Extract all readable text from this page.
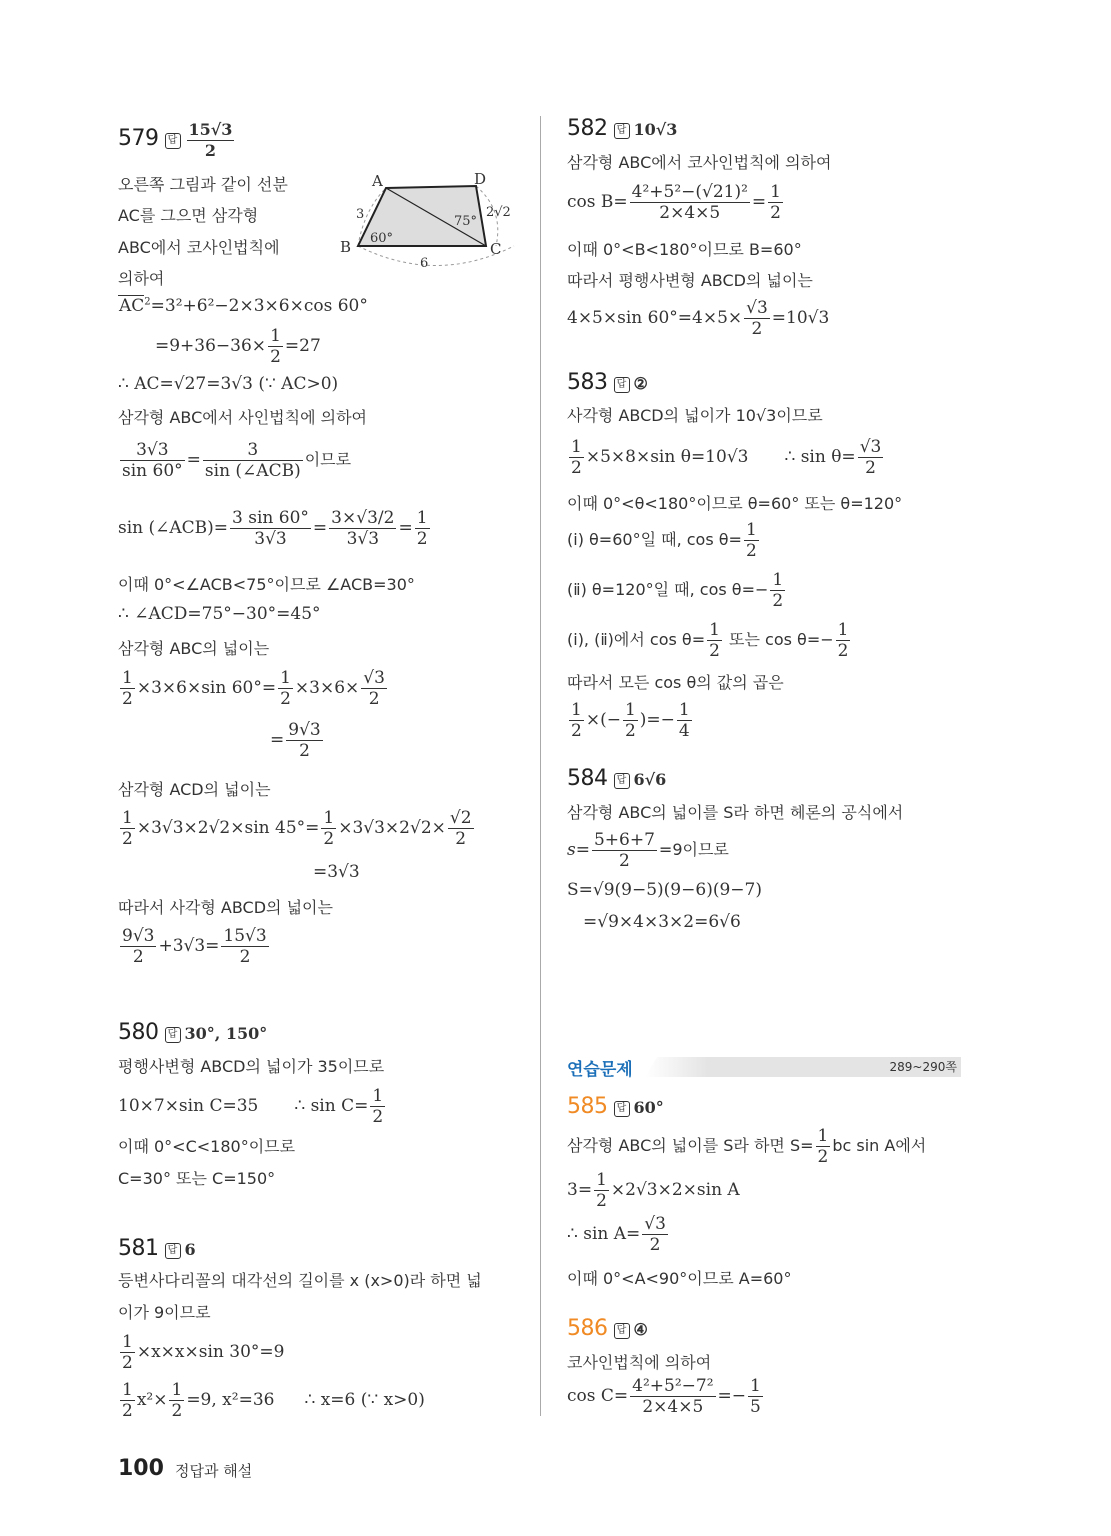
579 답 $\frac{15√3}{2}$
오른쪽 그림과 같이 선분
AC를 그으면 삼각형
ABC에서 코사인법칙에
의하여
A	D
B	C
3
6
2√2
60°
75°
$AC^2=3^2+6^2-2\times 3\times 6\times\cos$ 60°
$=9+36-36\times \frac{1}{2} =27$
∴ AC=√27=3√3 (∵ AC>0)
삼각형 ABC에서 사인법칙에 의하여
$\frac{3√3}{\sin 60^\circ} = \frac{3}{\text{sin (∠ACB)}}$ 이므로
sin (∠ACB)= $\frac{3 \sin 60^\circ}{3√3} = \frac{3\times√3/2}{3√3} = \frac{1}{2}$
이때 0°<∠ACB<75°이므로 ∠ACB=30°
∴ ∠ACD=75°−30°=45°
삼각형 ABC의 넓이는
$\frac{1}{2} \times 3\times 6\times\sin$ $60^\circ= \frac{1}{2} \times 3\times 6\times \frac{√3}{2}$
= $\frac{9√3}{2}$
삼각형 ACD의 넓이는
$\frac{1}{2} \times 3√3\times 2√2\times\sin$ $45^\circ= \frac{1}{2} \times 3√3\times 2√2\times \frac{√2}{2}$
=3√3
따라서 사각형 ABCD의 넓이는
$\frac{9√3}{2} +3√3= \frac{15√3}{2}$
580 답 30°, 150°
평행사변형 ABCD의 넓이가 35이므로
10×7×sin C=35 ∴ $\sin C= \frac{1}{2}$
이때 0°<C<180°이므로
C=30° 또는 C=150°
581 답 6
등변사다리꼴의 대각선의 길이를 x (x>0)라 하면 넓
이가 9이므로
$\frac{1}{2} \times x\times x\times\sin$ 30°=9
$\frac{1}{2} x^2\times \frac{1}{2} =9$, x²=36 ∴ x=6 (∵ x>0)
582 답 10√3
삼각형 ABC에서 코사인법칙에 의하여
$\cos B= \frac{\text{4²+5²−(√21)²}}{2\times 4\times 5} = \frac{1}{2}$
이때 0°<B<180°이므로 B=60°
따라서 평행사변형 ABCD의 넓이는
4×5×sin $60^\circ=4\times 5\times \frac{√3}{2} =10√3$
583 답 ②
사각형 ABCD의 넓이가 10√3이므로
$\frac{1}{2} \times 5\times 8\times\sin$ θ=10√3 ∴ $\sin \theta= \frac{√3}{2}$
이때 0°<θ<180°이므로 θ=60° 또는 θ=120°
(ⅰ) θ=60°일 때, $\cos \theta= \frac{1}{2}$
(ⅱ) θ=120°일 때, $\cos \theta=- \frac{1}{2}$
(ⅰ), (ⅱ)에서 $\cos \theta= \frac{1}{2}$ 또는 $\cos \theta=- \frac{1}{2}$
따라서 모든 cos θ의 값의 곱은
$\frac{1}{2}$ ×(− $\frac{1}{2}$ )=− $\frac{1}{4}$
584 답 6√6
삼각형 ABC의 넓이를 S라 하면 헤론의 공식에서
$s= \frac{5+6+7}{2} =9$이므로
S=√9(9−5)(9−6)(9−7)
=√9×4×3×2=6√6
연습문제	289~290쪽
585 답 60°
삼각형 ABC의 넓이를 S라 하면 $S= \frac{1}{2}$ bc sin A에서
$3= \frac{1}{2} \times 2√3\times 2\times\sin$ A
∴ $\sin A= \frac{√3}{2}$
이때 0°<A<90°이므로 A=60°
586 답 ④
코사인법칙에 의하여
$\cos C= \frac{\text{4²+5²−7²}}{2\times 4\times 5} =- \frac{1}{5}$
100 정답과 해설
